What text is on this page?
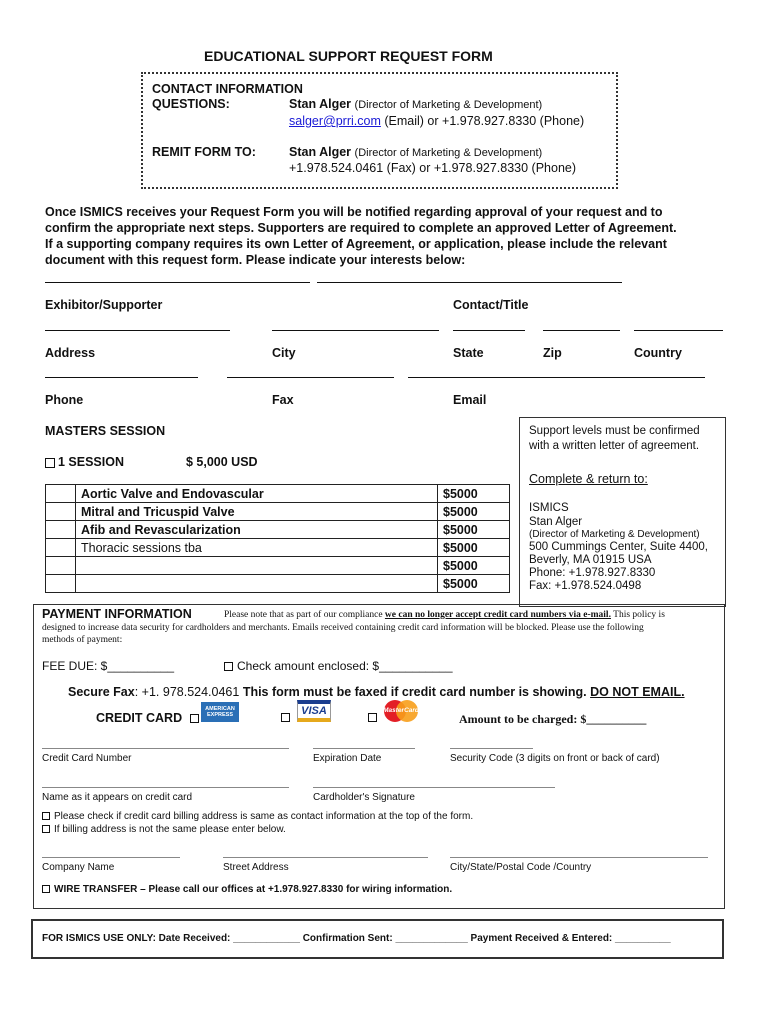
EDUCATIONAL SUPPORT REQUEST FORM
CONTACT INFORMATION
QUESTIONS:	Stan Alger (Director of Marketing & Development)
salger@prri.com (Email) or +1.978.927.8330 (Phone)
REMIT FORM TO:	Stan Alger (Director of Marketing & Development)
+1.978.524.0461 (Fax) or +1.978.927.8330 (Phone)
Once ISMICS receives your Request Form you will be notified regarding approval of your request and to
confirm the appropriate next steps. Supporters are required to complete an approved Letter of Agreement.
If a supporting company requires its own Letter of Agreement, or application, please include the relevant
document with this request form. Please indicate your interests below:
Exhibitor/Supporter	Contact/Title
Address	City	State	Zip	Country
Phone	Fax	Email
MASTERS SESSION
1 SESSION	$ 5,000 USD
	Aortic Valve and Endovascular	$5000
	Mitral and Tricuspid Valve	$5000
	Afib and Revascularization	$5000
	Thoracic sessions tba	$5000
		$5000
		$5000
Support levels must be confirmed
with a written letter of agreement.
Complete & return to:
ISMICS
Stan Alger
(Director of Marketing & Development)
500 Cummings Center, Suite 4400,
Beverly, MA 01915 USA
Phone: +1.978.927.8330
Fax: +1.978.524.0498
PAYMENT INFORMATION	Please note that as part of our compliance we can no longer accept credit card numbers via e-mail. This policy is
designed to increase data security for cardholders and merchants. Emails received containing credit card information will be blocked. Please use the following
methods of payment:
FEE DUE: $__________	Check amount enclosed: $___________
Secure Fax: +1. 978.524.0461 This form must be faxed if credit card number is showing. DO NOT EMAIL.
CREDIT CARD
AMERICAN EXPRESS	VISA	MasterCard
Amount to be charged: $__________
Credit Card Number	Expiration Date	Security Code (3 digits on front or back of card)
Name as it appears on credit card	Cardholder's Signature
Please check if credit card billing address is same as contact information at the top of the form.
If billing address is not the same please enter below.
Company Name	Street Address	City/State/Postal Code /Country
WIRE TRANSFER – Please call our offices at +1.978.927.8330 for wiring information.
FOR ISMICS USE ONLY: Date Received: ____________ Confirmation Sent: _____________ Payment Received & Entered: __________
